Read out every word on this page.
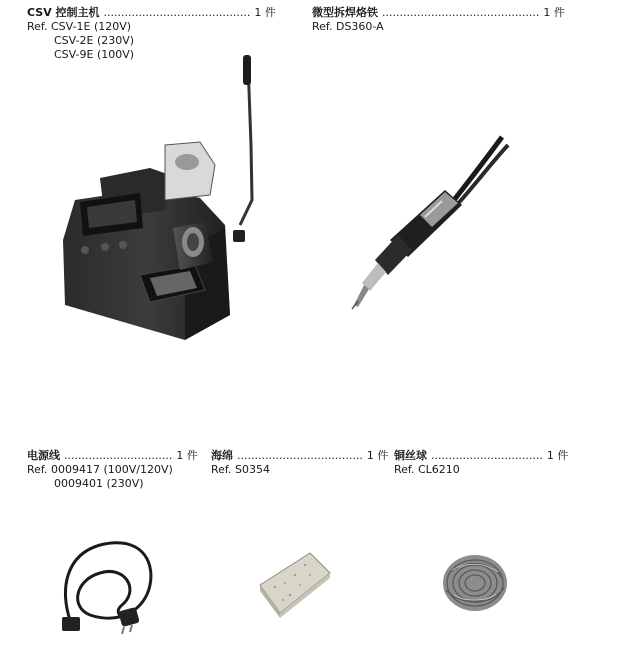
CSV 控制主机 .......................................... 1 件
Ref. CSV-1E (120V)
CSV-2E (230V)
CSV-9E (100V)
微型拆焊烙铁 ............................................. 1 件
Ref. DS360-A
电源线 ............................... 1 件
Ref. 0009417 (100V/120V)
0009401 (230V)
海绵 .................................... 1 件
Ref. S0354
铜丝球 ................................ 1 件
Ref. CL6210
